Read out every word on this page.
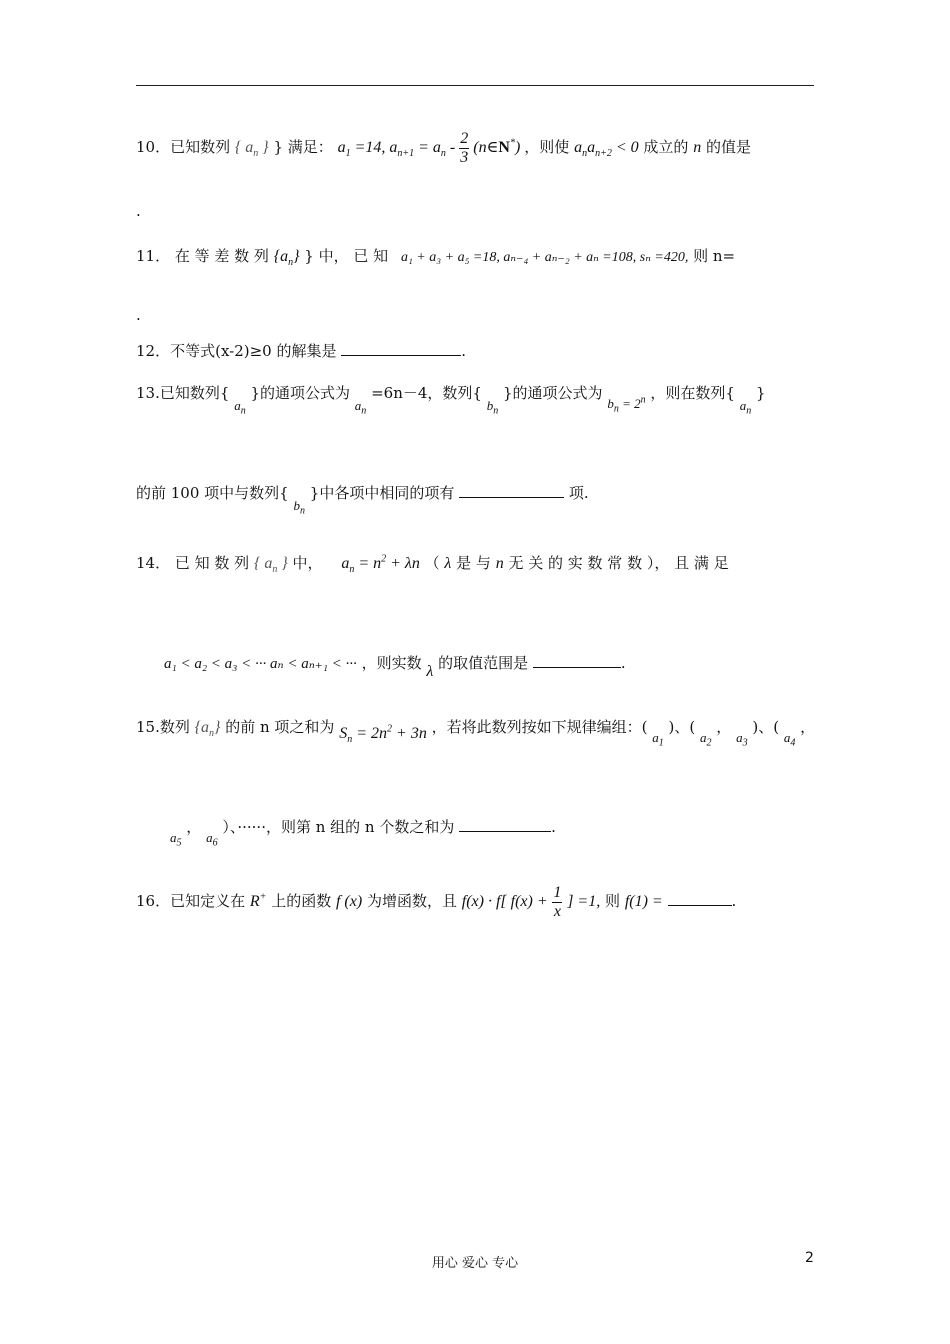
10．已知数列 { $a_n$ } } 满足： $a_1 =14$, $a_{n+1} = a_n - \frac{2}{3}$ (n∈N*) ，则使 $a_na_{n+2} < 0$ 成立的 n 的值是
.
11． 在 等 差 数 列 $\{a_n\}$ } 中， 已 知 a₁ + a₃ + a₅ =18, aₙ₋₄ + aₙ₋₂ + aₙ =108, sₙ =420, 则 n=
.
12．不等式(x-2)≥0 的解集是	.
13.已知数列{ $a_n$ }的通项公式为 $a_n =6n-4$，数列{ $b_n$ }的通项公式为 $b_n = 2^n$ ，则在数列{ $a_n$ }
的前 100 项中与数列{ $b_n$ }中各项中相同的项有	项.
14． 已 知 数 列 { $a_n$ } 中， $a_n = n^2 + \lambda n$ （ λ 是 与 n 无 关 的 实 数 常 数 ）， 且 满 足
a₁ < a₂ < a₃ < ··· aₙ < aₙ₊₁ < ··· ，则实数 λ 的取值范围是	.
15.数列 $\{a_n\}$ 的前 n 项之和为 $S_n = 2n^2 + 3n$ ，若将此数列按如下规律编组：( $a_1$ )、( $a_2$ ， $a_3$ )、( $a_4$ ，
$a_5$ ， $a_6$ ）、······，则第 n 组的 n 个数之和为	.
16．已知定义在 R+ 上的函数 f (x) 为增函数，且 f(x) · f[ $f(x) + \frac{1}{x}$ ] =1, 则 f(1) =	.
用心 爱心 专心	2
